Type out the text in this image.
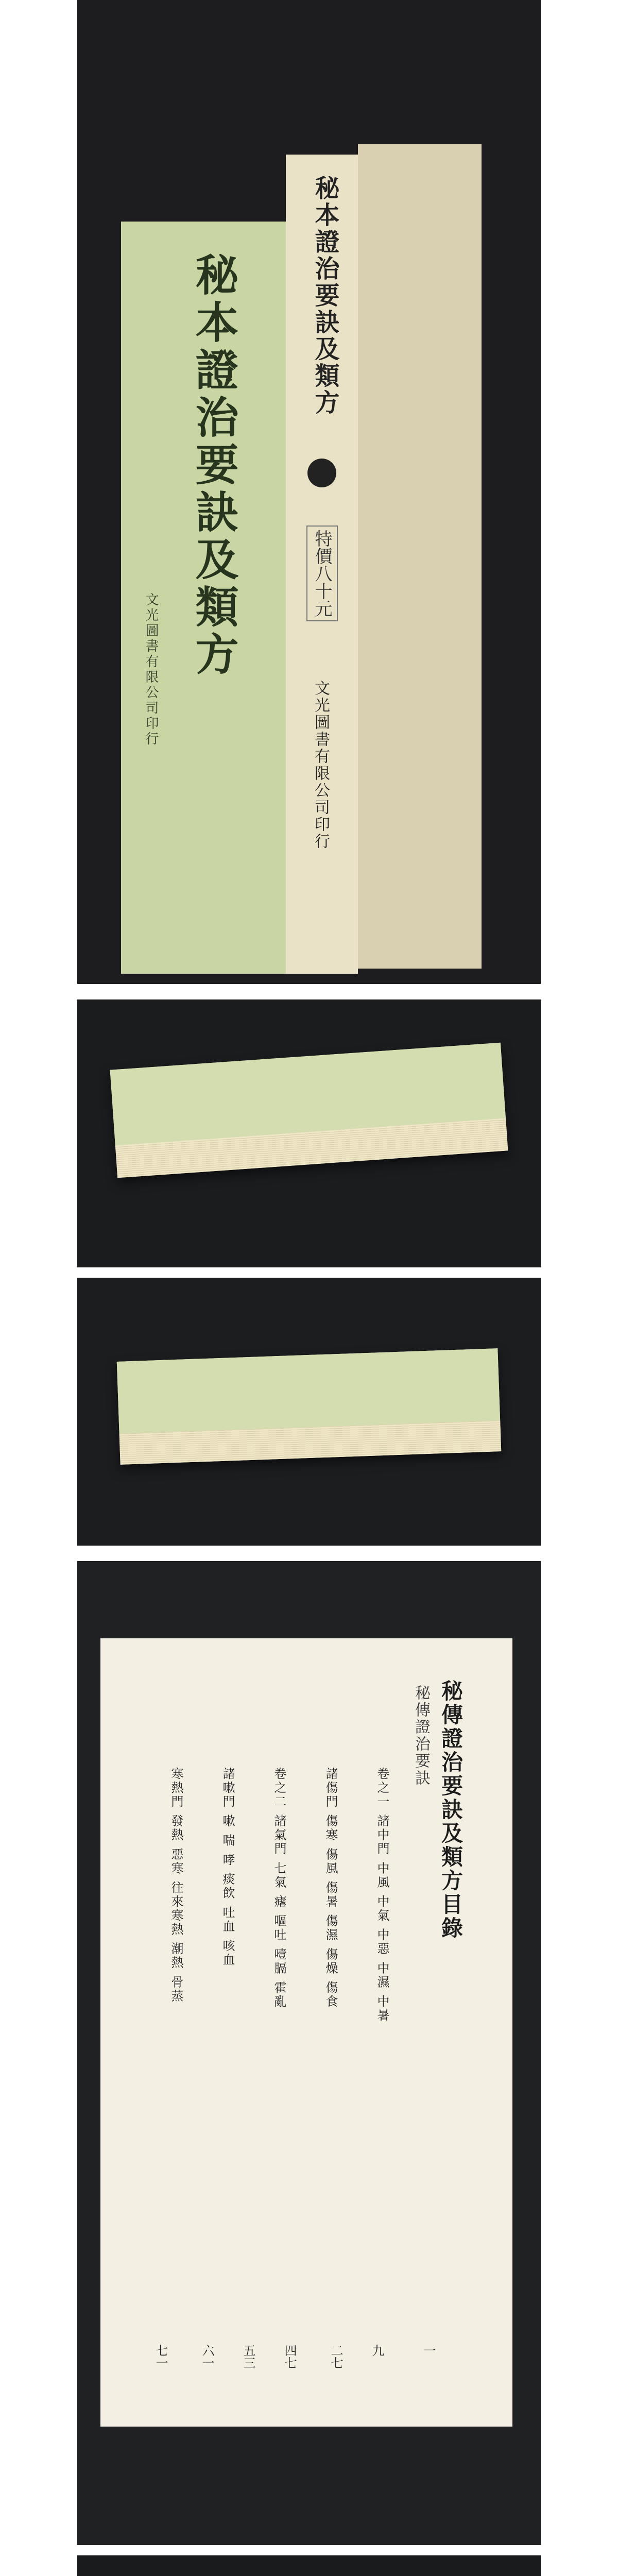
秘本證治要訣及類方
文光圖書有限公司印行
秘本證治要訣及類方
特價八十元
文光圖書有限公司印行
秘傳證治要訣及類方目錄
秘傳證治要訣
卷之一 諸中門 中風 中氣 中惡 中濕 中暑
諸傷門 傷寒 傷風 傷暑 傷濕 傷燥 傷食
卷之二 諸氣門 七氣 瘧 嘔吐 噎膈 霍亂
諸嗽門 嗽 喘 哮 痰飲 吐血 咳血
寒熱門 發熱 惡寒 往來寒熱 潮熱 骨蒸
一
九
二七
四七
五三
六一
七一
